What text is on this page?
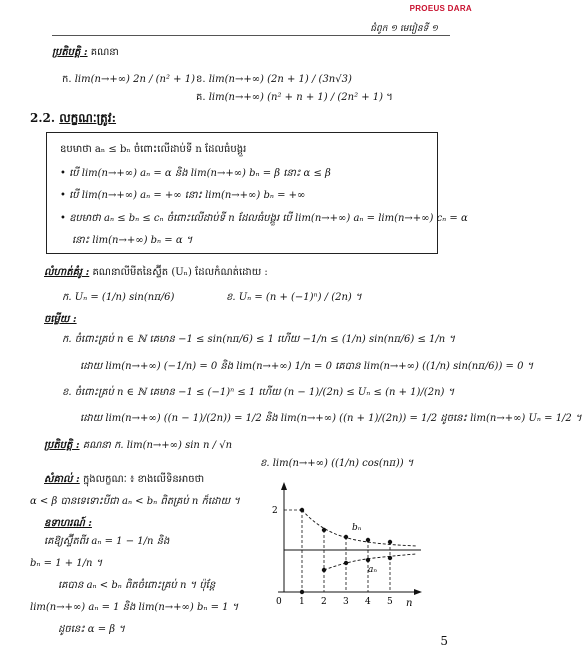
PROEUS DARA
ជំពូក ១ មេរៀនទី ១
ប្រតិបត្តិ : គណនា
ក. lim(n→+∞) 2n / (n² + 1) ខ. lim(n→+∞) (2n + 1) / (3n√3)
គ. lim(n→+∞) (n² + n + 1) / (2n² + 1) ។
2.2. លក្ខណៈត្រូវ:
ឧបមាថា aₙ ≤ bₙ ចំពោះលើដាប់ទី n ដែលធំបង្គួរ
• បើ lim(n→+∞) aₙ = α និង lim(n→+∞) bₙ = β នោះ α ≤ β
• បើ lim(n→+∞) aₙ = +∞ នោះ lim(n→+∞) bₙ = +∞
• ឧបមាថា aₙ ≤ bₙ ≤ cₙ ចំពោះលើដាប់ទី n ដែលធំបង្គួរ បើ lim(n→+∞) aₙ = lim(n→+∞) cₙ = α
នោះ lim(n→+∞) bₙ = α ។
លំហាត់គំរូ : គណនាលីមីតនៃស្ទ៊ីត (Uₙ) ដែលកំណត់ដោយ :
ក. Uₙ = (1/n) sin(nπ/6)	ខ. Uₙ = (n + (−1)ⁿ) / (2n) ។
ចម្លើយ :
ក. ចំពោះគ្រប់ n ∈ ℕ គេមាន −1 ≤ sin(nπ/6) ≤ 1 ហើយ −1/n ≤ (1/n) sin(nπ/6) ≤ 1/n ។
ដោយ lim(n→+∞) (−1/n) = 0 និង lim(n→+∞) 1/n = 0 គេបាន lim(n→+∞) ((1/n) sin(nπ/6)) = 0 ។
ខ. ចំពោះគ្រប់ n ∈ ℕ គេមាន −1 ≤ (−1)ⁿ ≤ 1 ហើយ (n − 1)/(2n) ≤ Uₙ ≤ (n + 1)/(2n) ។
ដោយ lim(n→+∞) ((n − 1)/(2n)) = 1/2 និង lim(n→+∞) ((n + 1)/(2n)) = 1/2 ដូចនេះ lim(n→+∞) Uₙ = 1/2 ។
ប្រតិបត្តិ : គណនា ក. lim(n→+∞) sin n / √n
ខ. lim(n→+∞) ((1/n) cos(nπ)) ។
សំគាល់ : ក្នុងលក្ខណៈ ៖ ខាងលើទិនអាចថា
α < β បានទេទោះបីជា aₙ < bₙ ពិតគ្រប់ n ក៏ដោយ ។
ឧទាហរណ៍ :
គេឱ្យស្ទ៊ីតពីរ aₙ = 1 − 1/n និង
bₙ = 1 + 1/n ។
គេបាន aₙ < bₙ ពិតចំពោះគ្រប់ n ។ ប៉ុន្តែ
lim(n→+∞) aₙ = 1 និង lim(n→+∞) bₙ = 1 ។
ដូចនេះ α = β ។
2
0 1 2 3 4 5 n
bₙ
aₙ
5
